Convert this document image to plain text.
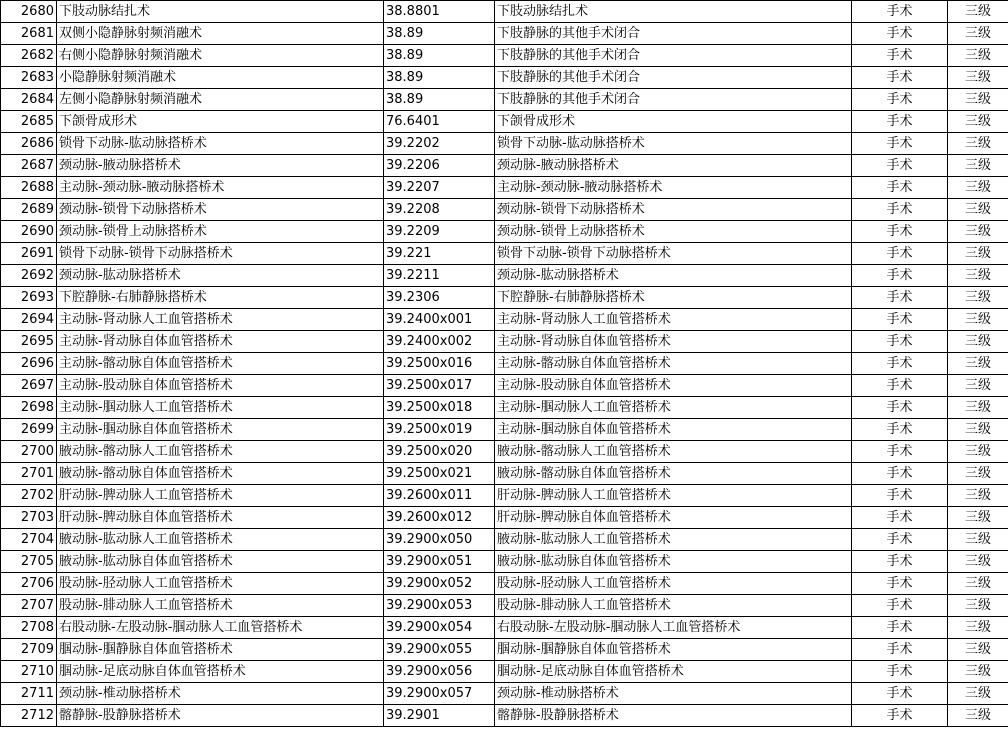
2680	下肢动脉结扎术	38.8801	下肢动脉结扎术	手术	三级
2681	双侧小隐静脉射频消融术	38.89	下肢静脉的其他手术闭合	手术	三级
2682	右侧小隐静脉射频消融术	38.89	下肢静脉的其他手术闭合	手术	三级
2683	小隐静脉射频消融术	38.89	下肢静脉的其他手术闭合	手术	三级
2684	左侧小隐静脉射频消融术	38.89	下肢静脉的其他手术闭合	手术	三级
2685	下颌骨成形术	76.6401	下颌骨成形术	手术	三级
2686	锁骨下动脉-肱动脉搭桥术	39.2202	锁骨下动脉-肱动脉搭桥术	手术	三级
2687	颈动脉-腋动脉搭桥术	39.2206	颈动脉-腋动脉搭桥术	手术	三级
2688	主动脉-颈动脉-腋动脉搭桥术	39.2207	主动脉-颈动脉-腋动脉搭桥术	手术	三级
2689	颈动脉-锁骨下动脉搭桥术	39.2208	颈动脉-锁骨下动脉搭桥术	手术	三级
2690	颈动脉-锁骨上动脉搭桥术	39.2209	颈动脉-锁骨上动脉搭桥术	手术	三级
2691	锁骨下动脉-锁骨下动脉搭桥术	39.221	锁骨下动脉-锁骨下动脉搭桥术	手术	三级
2692	颈动脉-肱动脉搭桥术	39.2211	颈动脉-肱动脉搭桥术	手术	三级
2693	下腔静脉-右肺静脉搭桥术	39.2306	下腔静脉-右肺静脉搭桥术	手术	三级
2694	主动脉-肾动脉人工血管搭桥术	39.2400x001	主动脉-肾动脉人工血管搭桥术	手术	三级
2695	主动脉-肾动脉自体血管搭桥术	39.2400x002	主动脉-肾动脉自体血管搭桥术	手术	三级
2696	主动脉-髂动脉自体血管搭桥术	39.2500x016	主动脉-髂动脉自体血管搭桥术	手术	三级
2697	主动脉-股动脉自体血管搭桥术	39.2500x017	主动脉-股动脉自体血管搭桥术	手术	三级
2698	主动脉-腘动脉人工血管搭桥术	39.2500x018	主动脉-腘动脉人工血管搭桥术	手术	三级
2699	主动脉-腘动脉自体血管搭桥术	39.2500x019	主动脉-腘动脉自体血管搭桥术	手术	三级
2700	腋动脉-髂动脉人工血管搭桥术	39.2500x020	腋动脉-髂动脉人工血管搭桥术	手术	三级
2701	腋动脉-髂动脉自体血管搭桥术	39.2500x021	腋动脉-髂动脉自体血管搭桥术	手术	三级
2702	肝动脉-脾动脉人工血管搭桥术	39.2600x011	肝动脉-脾动脉人工血管搭桥术	手术	三级
2703	肝动脉-脾动脉自体血管搭桥术	39.2600x012	肝动脉-脾动脉自体血管搭桥术	手术	三级
2704	腋动脉-肱动脉人工血管搭桥术	39.2900x050	腋动脉-肱动脉人工血管搭桥术	手术	三级
2705	腋动脉-肱动脉自体血管搭桥术	39.2900x051	腋动脉-肱动脉自体血管搭桥术	手术	三级
2706	股动脉-胫动脉人工血管搭桥术	39.2900x052	股动脉-胫动脉人工血管搭桥术	手术	三级
2707	股动脉-腓动脉人工血管搭桥术	39.2900x053	股动脉-腓动脉人工血管搭桥术	手术	三级
2708	右股动脉-左股动脉-腘动脉人工血管搭桥术	39.2900x054	右股动脉-左股动脉-腘动脉人工血管搭桥术	手术	三级
2709	腘动脉-腘静脉自体血管搭桥术	39.2900x055	腘动脉-腘静脉自体血管搭桥术	手术	三级
2710	腘动脉-足底动脉自体血管搭桥术	39.2900x056	腘动脉-足底动脉自体血管搭桥术	手术	三级
2711	颈动脉-椎动脉搭桥术	39.2900x057	颈动脉-椎动脉搭桥术	手术	三级
2712	髂静脉-股静脉搭桥术	39.2901	髂静脉-股静脉搭桥术	手术	三级
